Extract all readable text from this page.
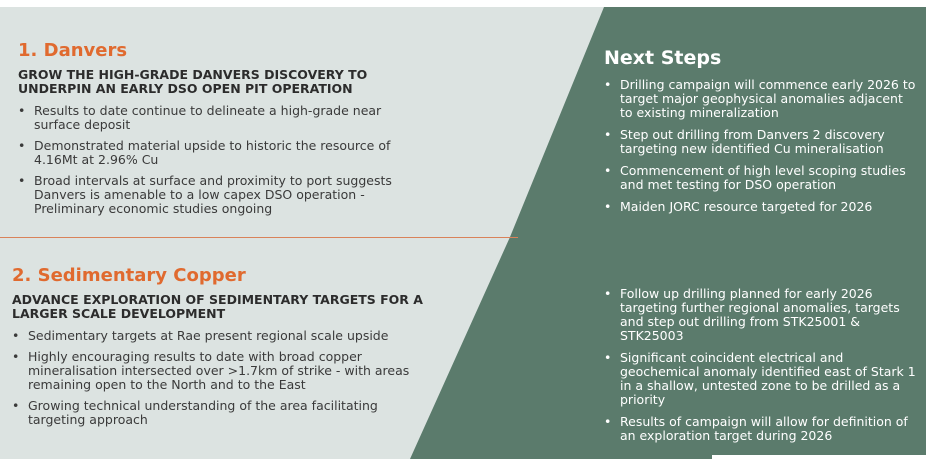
1. Danvers

GROW THE HIGH-GRADE DANVERS DISCOVERY TO UNDERPIN AN EARLY DSO OPEN PIT OPERATION

• Results to date continue to delineate a high-grade near surface deposit
• Demonstrated material upside to historic the resource of 4.16Mt at 2.96% Cu
• Broad intervals at surface and proximity to port suggests Danvers is amenable to a low capex DSO operation - Preliminary economic studies ongoing
2. Sedimentary Copper

ADVANCE EXPLORATION OF SEDIMENTARY TARGETS FOR A LARGER SCALE DEVELOPMENT

• Sedimentary targets at Rae present regional scale upside
• Highly encouraging results to date with broad copper mineralisation intersected over >1.7km of strike - with areas remaining open to the North and to the East
• Growing technical understanding of the area facilitating targeting approach
Next Steps
• Drilling campaign will commence early 2026 to target major geophysical anomalies adjacent to existing mineralization
• Step out drilling from Danvers 2 discovery targeting new identified Cu mineralisation
• Commencement of high level scoping studies and met testing for DSO operation
• Maiden JORC resource targeted for 2026
• Follow up drilling planned for early 2026 targeting further regional anomalies, targets and step out drilling from STK25001 & STK25003
• Significant coincident electrical and geochemical anomaly identified east of Stark 1 in a shallow, untested zone to be drilled as a priority
• Results of campaign will allow for definition of an exploration target during 2026
